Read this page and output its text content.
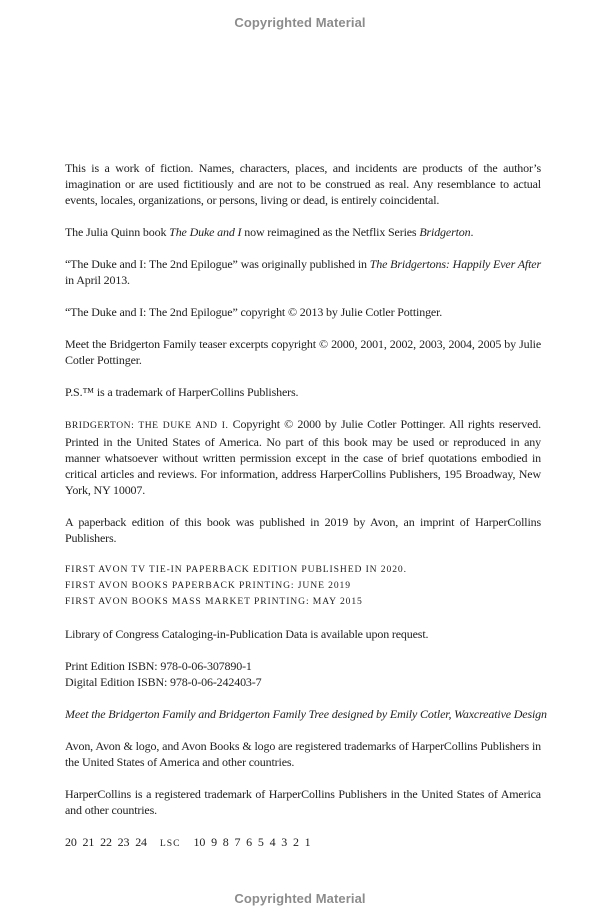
Copyrighted Material
This is a work of fiction. Names, characters, places, and incidents are products of the author’s imagination or are used fictitiously and are not to be construed as real. Any resemblance to actual events, locales, organizations, or persons, living or dead, is entirely coincidental.
The Julia Quinn book The Duke and I now reimagined as the Netflix Series Bridgerton.
“The Duke and I: The 2nd Epilogue” was originally published in The Bridgertons: Happily Ever After in April 2013.
“The Duke and I: The 2nd Epilogue” copyright © 2013 by Julie Cotler Pottinger.
Meet the Bridgerton Family teaser excerpts copyright © 2000, 2001, 2002, 2003, 2004, 2005 by Julie Cotler Pottinger.
P.S.™ is a trademark of HarperCollins Publishers.
BRIDGERTON: THE DUKE AND I. Copyright © 2000 by Julie Cotler Pottinger. All rights reserved. Printed in the United States of America. No part of this book may be used or reproduced in any manner whatsoever without written permission except in the case of brief quotations embodied in critical articles and reviews. For information, address HarperCollins Publishers, 195 Broadway, New York, NY 10007.
A paperback edition of this book was published in 2019 by Avon, an imprint of HarperCollins Publishers.
FIRST AVON TV TIE-IN PAPERBACK EDITION PUBLISHED IN 2020.
FIRST AVON BOOKS PAPERBACK PRINTING: JUNE 2019
FIRST AVON BOOKS MASS MARKET PRINTING: MAY 2015
Library of Congress Cataloging-in-Publication Data is available upon request.
Print Edition ISBN: 978-0-06-307890-1
Digital Edition ISBN: 978-0-06-242403-7
Meet the Bridgerton Family and Bridgerton Family Tree designed by Emily Cotler, Waxcreative Design
Avon, Avon & logo, and Avon Books & logo are registered trademarks of HarperCollins Publishers in the United States of America and other countries.
HarperCollins is a registered trademark of HarperCollins Publishers in the United States of America and other countries.
20 21 22 23 24 LSC 10 9 8 7 6 5 4 3 2 1
Copyrighted Material
